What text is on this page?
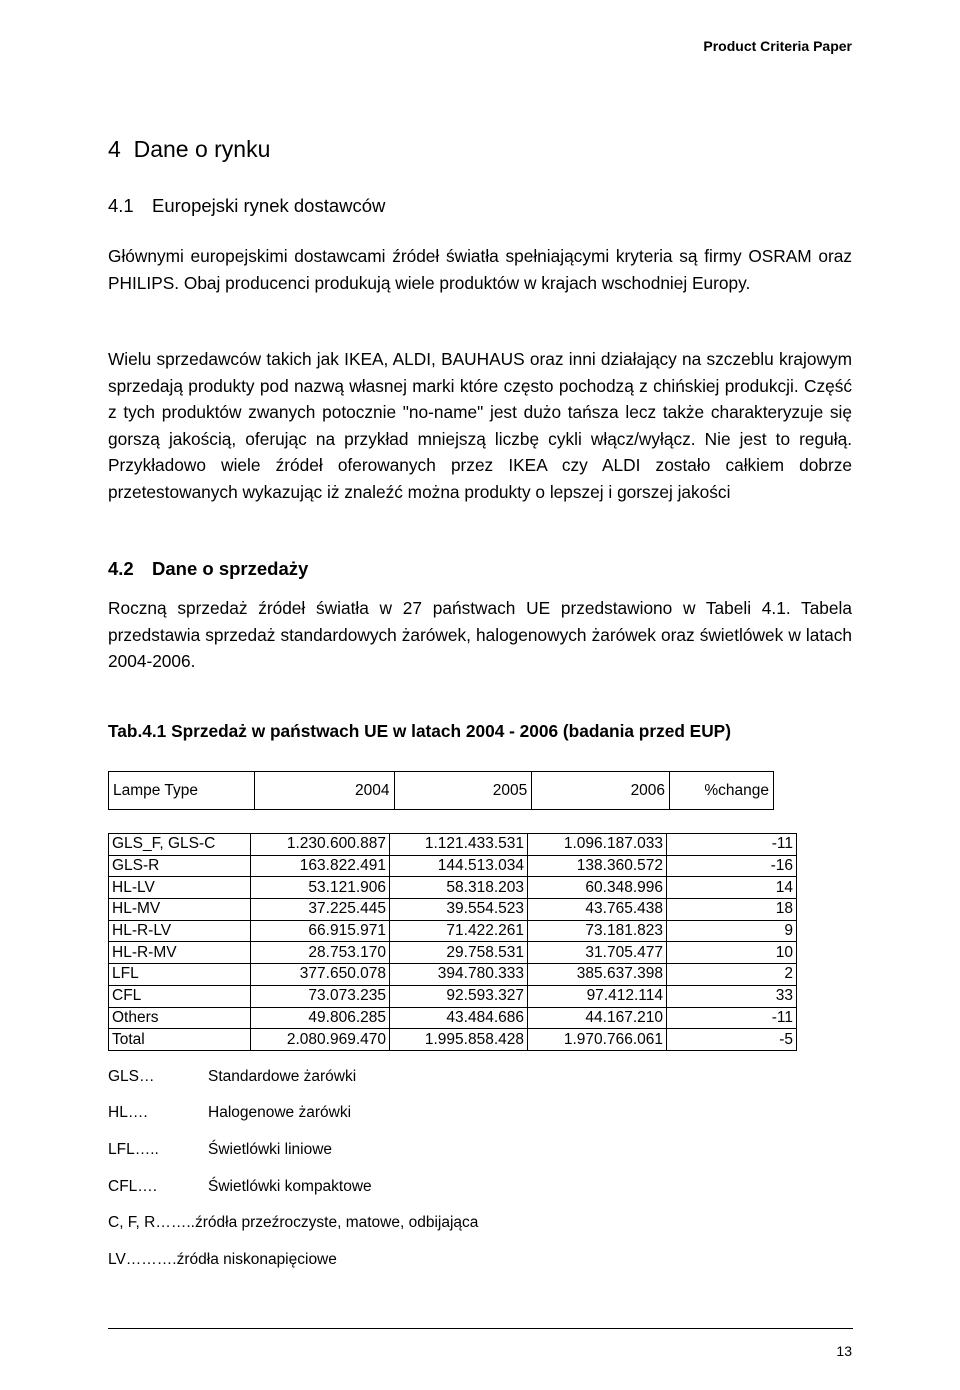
Product Criteria Paper
4 Dane o rynku
4.1 Europejski rynek dostawców

Głównymi europejskimi dostawcami źródeł światła spełniającymi kryteria są firmy OSRAM oraz PHILIPS. Obaj producenci produkują wiele produktów w krajach wschodniej Europy.

Wielu sprzedawców takich jak IKEA, ALDI, BAUHAUS oraz inni działający na szczeblu krajowym sprzedają produkty pod nazwą własnej marki które często pochodzą z chińskiej produkcji. Część z tych produktów zwanych potocznie "no-name" jest dużo tańsza lecz także charakteryzuje się gorszą jakością, oferując na przykład mniejszą liczbę cykli włącz/wyłącz. Nie jest to regułą. Przykładowo wiele źródeł oferowanych przez IKEA czy ALDI zostało całkiem dobrze przetestowanych wykazując iż znaleźć można produkty o lepszej i gorszej jakości

4.2 Dane o sprzedaży

Roczną sprzedaż źródeł światła w 27 państwach UE przedstawiono w Tabeli 4.1. Tabela przedstawia sprzedaż standardowych żarówek, halogenowych żarówek oraz świetlówek w latach 2004-2006.

Tab.4.1 Sprzedaż w państwach UE w latach 2004 - 2006 (badania przed EUP)
Lampe Type	2004	2005	2006	%change
GLS_F, GLS-C	1.230.600.887	1.121.433.531	1.096.187.033	-11
GLS-R	163.822.491	144.513.034	138.360.572	-16
HL-LV	53.121.906	58.318.203	60.348.996	14
HL-MV	37.225.445	39.554.523	43.765.438	18
HL-R-LV	66.915.971	71.422.261	73.181.823	9
HL-R-MV	28.753.170	29.758.531	31.705.477	10
LFL	377.650.078	394.780.333	385.637.398	2
CFL	73.073.235	92.593.327	97.412.114	33
Others	49.806.285	43.484.686	44.167.210	-11
Total	2.080.969.470	1.995.858.428	1.970.766.061	-5
GLS…	Standardowe żarówki
HL….	Halogenowe żarówki
LFL…..	Świetlówki liniowe
CFL….	Świetlówki kompaktowe
C, F, R……..źródła przeźroczyste, matowe, odbijająca
LV……….źródła niskonapięciowe
13
